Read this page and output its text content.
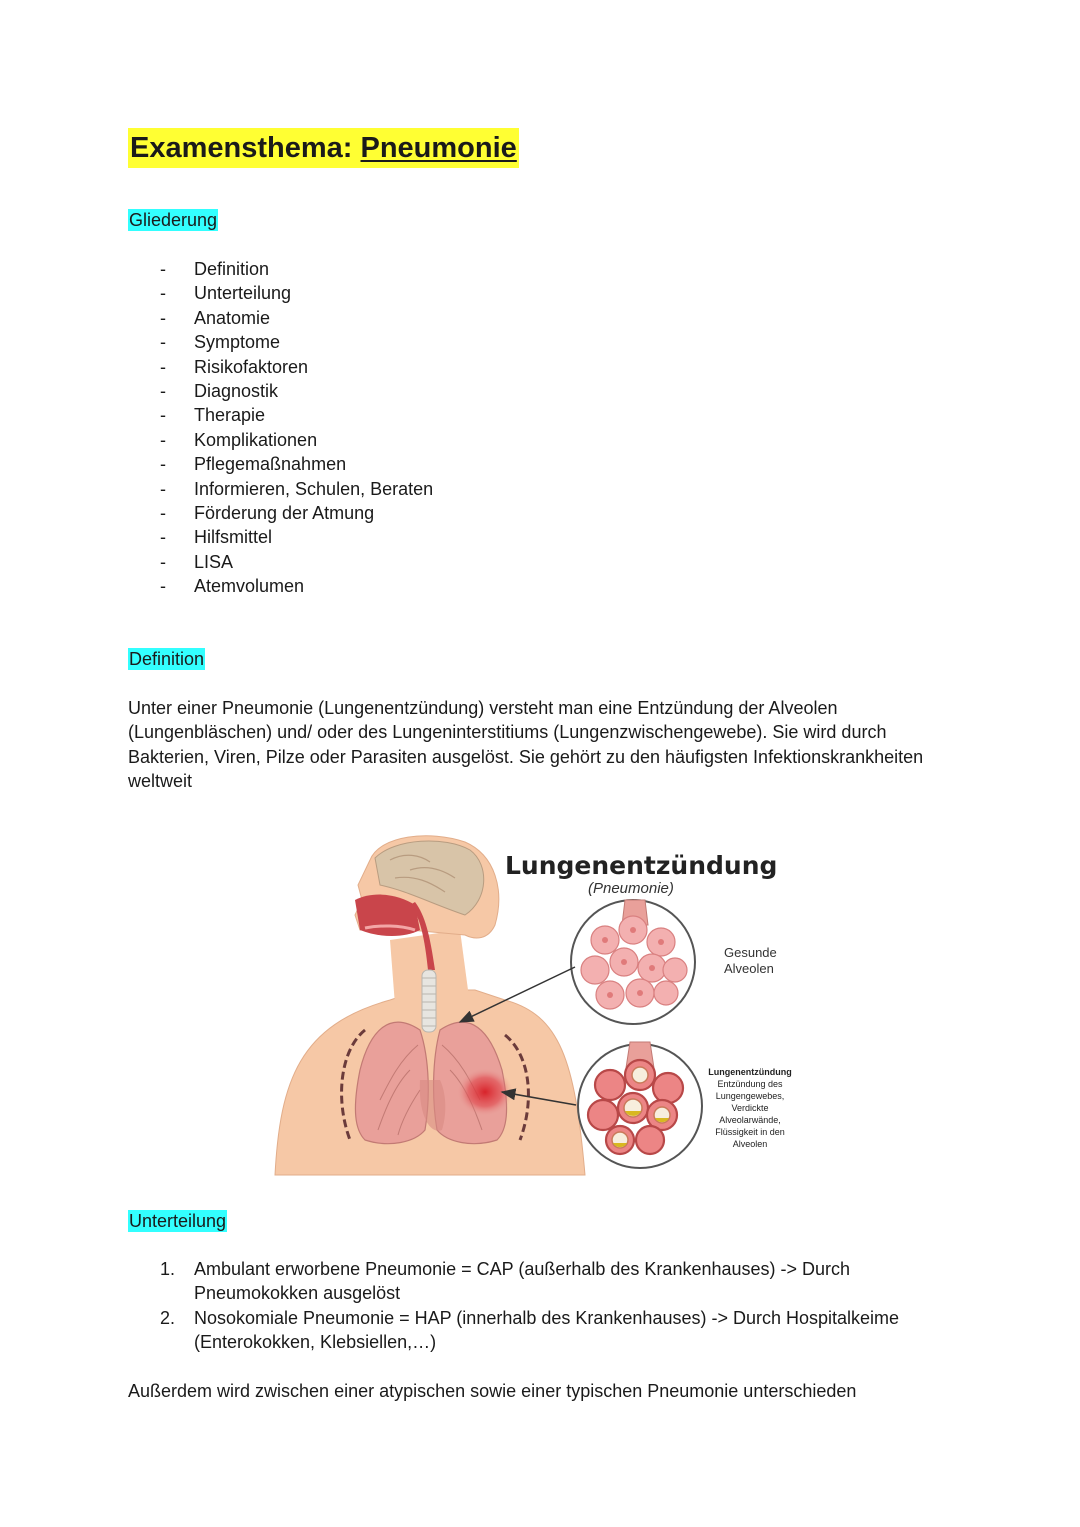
Examensthema: Pneumonie
Gliederung
- Definition
- Unterteilung
- Anatomie
- Symptome
- Risikofaktoren
- Diagnostik
- Therapie
- Komplikationen
- Pflegemaßnahmen
- Informieren, Schulen, Beraten
- Förderung der Atmung
- Hilfsmittel
- LISA
- Atemvolumen
Definition

Unter einer Pneumonie (Lungenentzündung) versteht man eine Entzündung der Alveolen (Lungenbläschen) und/ oder des Lungeninterstitiums (Lungenzwischengewebe). Sie wird durch Bakterien, Viren, Pilze oder Parasiten ausgelöst. Sie gehört zu den häufigsten Infektionskrankheiten weltweit

Lungenentzündung
(Pneumonie)
Gesunde
Alveolen
Lungenentzündung
Entzündung des
Lungengewebes,
Verdickte
Alveolarwände,
Flüssigkeit in den
Alveolen
Unterteilung
1. Ambulant erworbene Pneumonie = CAP (außerhalb des Krankenhauses) -> Durch Pneumokokken ausgelöst
2. Nosokomiale Pneumonie = HAP (innerhalb des Krankenhauses) -> Durch Hospitalkeime (Enterokokken, Klebsiellen,…)

Außerdem wird zwischen einer atypischen sowie einer typischen Pneumonie unterschieden
